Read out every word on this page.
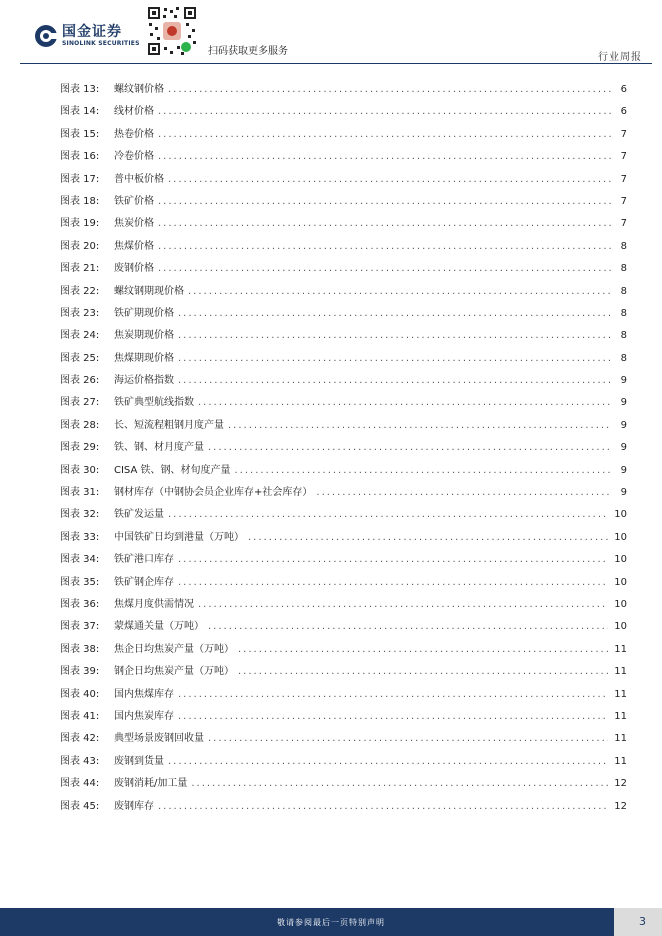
国金证券
SINOLINK SECURITIES
扫码获取更多服务
行业周报
图表 13:	螺纹钢价格 .....	6
图表 14:	线材价格 .....	6
图表 15:	热卷价格 .....	7
图表 16:	冷卷价格 .....	7
图表 17:	普中板价格 .....	7
图表 18:	铁矿价格 .....	7
图表 19:	焦炭价格 .....	7
图表 20:	焦煤价格 .....	8
图表 21:	废钢价格 .....	8
图表 22:	螺纹钢期现价格 .....	8
图表 23:	铁矿期现价格 .....	8
图表 24:	焦炭期现价格 .....	8
图表 25:	焦煤期现价格 .....	8
图表 26:	海运价格指数 .....	9
图表 27:	铁矿典型航线指数 .....	9
图表 28:	长、短流程粗钢月度产量 .....	9
图表 29:	铁、钢、材月度产量 .....	9
图表 30:	CISA 铁、钢、材旬度产量 .....	9
图表 31:	钢材库存（中钢协会员企业库存+社会库存） .....	9
图表 32:	铁矿发运量 .....	10
图表 33:	中国铁矿日均到港量（万吨） .....	10
图表 34:	铁矿港口库存 .....	10
图表 35:	铁矿钢企库存 .....	10
图表 36:	焦煤月度供需情况 .....	10
图表 37:	蒙煤通关量（万吨） .....	10
图表 38:	焦企日均焦炭产量（万吨） .....	11
图表 39:	钢企日均焦炭产量（万吨） .....	11
图表 40:	国内焦煤库存 .....	11
图表 41:	国内焦炭库存 .....	11
图表 42:	典型场景废钢回收量 .....	11
图表 43:	废钢到货量 .....	11
图表 44:	废钢消耗/加工量 .....	12
图表 45:	废钢库存 .....	12
敬请参阅最后一页特别声明	3
